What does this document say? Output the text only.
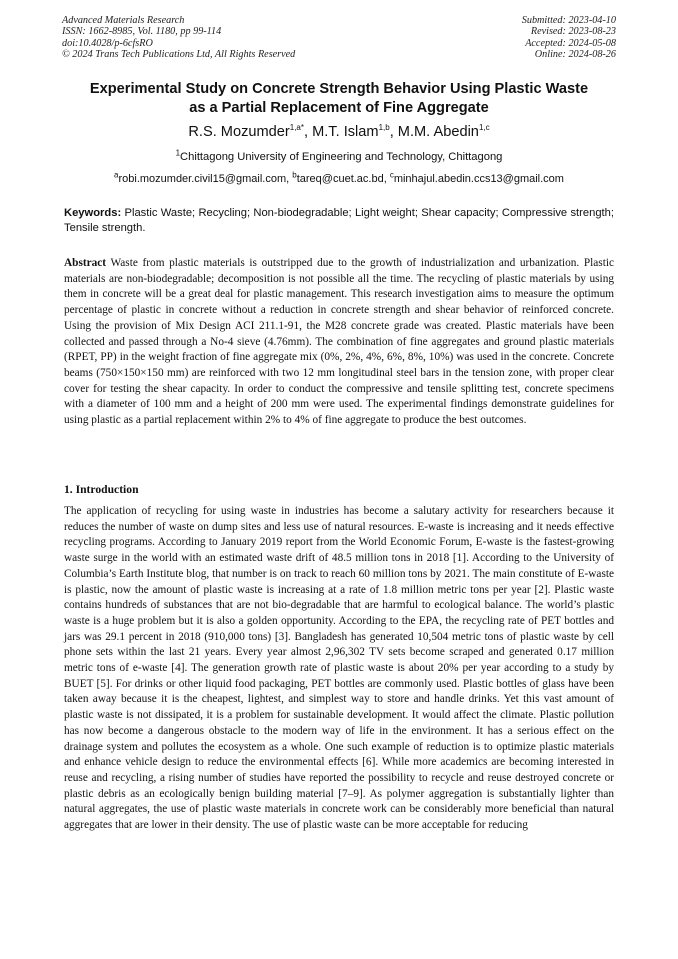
Advanced Materials Research
ISSN: 1662-8985, Vol. 1180, pp 99-114
doi:10.4028/p-6cfsRO
© 2024 Trans Tech Publications Ltd, All Rights Reserved
Submitted: 2023-04-10
Revised: 2023-08-23
Accepted: 2024-05-08
Online: 2024-08-26
Experimental Study on Concrete Strength Behavior Using Plastic Waste
as a Partial Replacement of Fine Aggregate
R.S. Mozumder$^{1,a*}$, M.T. Islam$^{1,b}$, M.M. Abedin$^{1,c}$
$^1$Chittagong University of Engineering and Technology, Chittagong
$^a$robi.mozumder.civil15@gmail.com, $^b$tareq@cuet.ac.bd, $^c$minhajul.abedin.ccs13@gmail.com

Keywords: Plastic Waste; Recycling; Non-biodegradable; Light weight; Shear capacity; Compressive strength; Tensile strength.

Abstract Waste from plastic materials is outstripped due to the growth of industrialization and urbanization. Plastic materials are non-biodegradable; decomposition is not possible all the time. The recycling of plastic materials by using them in concrete will be a great deal for plastic management. This research investigation aims to measure the optimum percentage of plastic in concrete without a reduction in concrete strength and shear behavior of reinforced concrete. Using the provision of Mix Design ACI 211.1-91, the M28 concrete grade was created. Plastic materials have been collected and passed through a No-4 sieve (4.76mm). The combination of fine aggregates and ground plastic materials (RPET, PP) in the weight fraction of fine aggregate mix (0%, 2%, 4%, 6%, 8%, 10%) was used in the concrete. Concrete beams (750×150×150 mm) are reinforced with two 12 mm longitudinal steel bars in the tension zone, with proper clear cover for testing the shear capacity. In order to conduct the compressive and tensile splitting test, concrete specimens with a diameter of 100 mm and a height of 200 mm were used. The experimental findings demonstrate guidelines for using plastic as a partial replacement within 2% to 4% of fine aggregate to produce the best outcomes.

1. Introduction

The application of recycling for using waste in industries has become a salutary activity for researchers because it reduces the number of waste on dump sites and less use of natural resources. E-waste is increasing and it needs effective recycling programs. According to January 2019 report from the World Economic Forum, E-waste is the fastest-growing waste surge in the world with an estimated waste drift of 48.5 million tons in 2018 [1]. According to the University of Columbia’s Earth Institute blog, that number is on track to reach 60 million tons by 2021. The main constitute of E-waste is plastic, now the amount of plastic waste is increasing at a rate of 1.8 million metric tons per year [2]. Plastic waste contains hundreds of substances that are not bio-degradable that are harmful to ecological balance. The world’s plastic waste is a huge problem but it is also a golden opportunity. According to the EPA, the recycling rate of PET bottles and jars was 29.1 percent in 2018 (910,000 tons) [3]. Bangladesh has generated 10,504 metric tons of plastic waste by cell phone sets within the last 21 years. Every year almost 2,96,302 TV sets become scraped and generated 0.17 million metric tons of e-waste [4]. The generation growth rate of plastic waste is about 20% per year according to a study by BUET [5]. For drinks or other liquid food packaging, PET bottles are commonly used. Plastic bottles of glass have been taken away because it is the cheapest, lightest, and simplest way to store and handle drinks. Yet this vast amount of plastic waste is not dissipated, it is a problem for sustainable development. It would affect the climate. Plastic pollution has now become a dangerous obstacle to the modern way of life in the environment. It has a serious effect on the drainage system and pollutes the ecosystem as a whole. One such example of reduction is to optimize plastic materials and enhance vehicle design to reduce the environmental effects [6]. While more academics are becoming interested in reuse and recycling, a rising number of studies have reported the possibility to recycle and reuse destroyed concrete or plastic debris as an ecologically benign building material [7–9]. As polymer aggregation is substantially lighter than natural aggregates, the use of plastic waste materials in concrete work can be considerably more beneficial than natural aggregates that are lower in their density. The use of plastic waste can be more acceptable for reducing
